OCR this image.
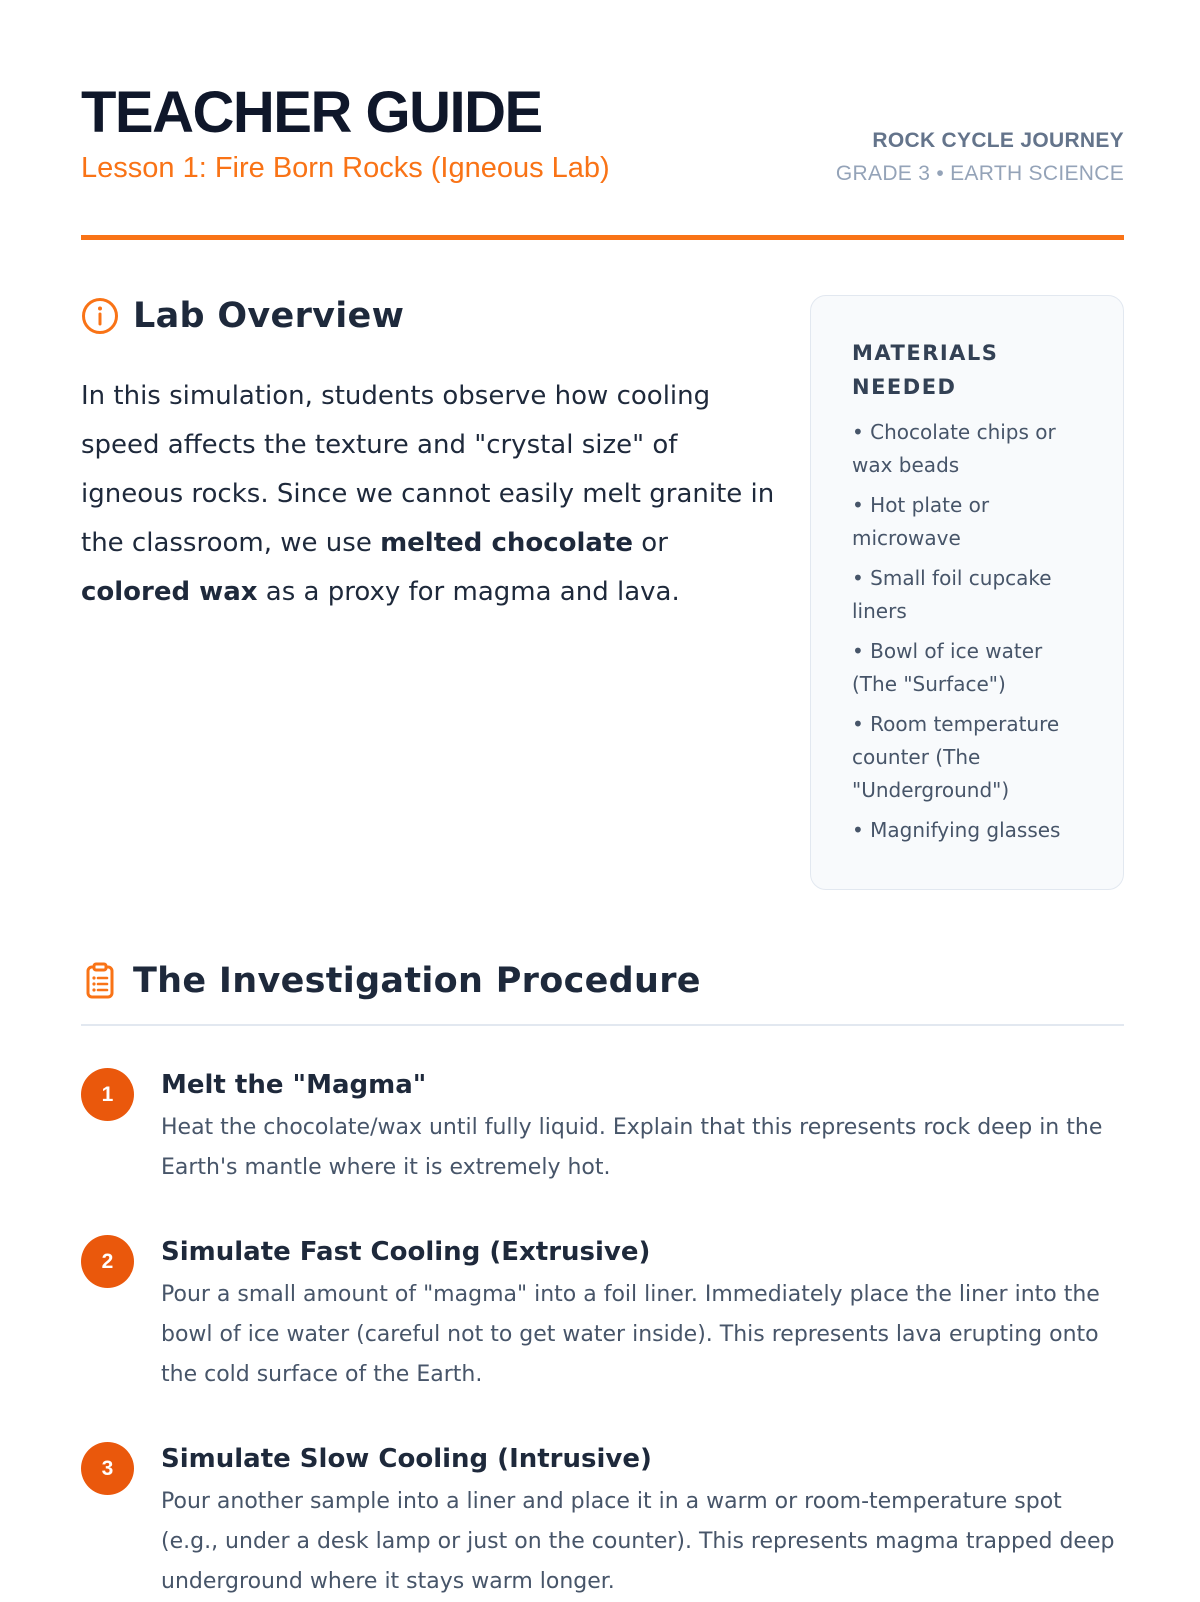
TEACHER GUIDE
Lesson 1: Fire Born Rocks (Igneous Lab)
ROCK CYCLE JOURNEY
GRADE 3 • EARTH SCIENCE
Lab Overview

In this simulation, students observe how cooling speed affects the texture and "crystal size" of igneous rocks. Since we cannot easily melt granite in the classroom, we use melted chocolate or colored wax as a proxy for magma and lava.

MATERIALS NEEDED
• Chocolate chips or wax beads
• Hot plate or microwave
• Small foil cupcake liners
• Bowl of ice water (The "Surface")
• Room temperature counter (The "Underground")
• Magnifying glasses
The Investigation Procedure
1	Melt the "Magma"
Heat the chocolate/wax until fully liquid. Explain that this represents rock deep in the Earth's mantle where it is extremely hot.
2	Simulate Fast Cooling (Extrusive)
Pour a small amount of "magma" into a foil liner. Immediately place the liner into the bowl of ice water (careful not to get water inside). This represents lava erupting onto the cold surface of the Earth.
3	Simulate Slow Cooling (Intrusive)
Pour another sample into a liner and place it in a warm or room-temperature spot (e.g., under a desk lamp or just on the counter). This represents magma trapped deep underground where it stays warm longer.
